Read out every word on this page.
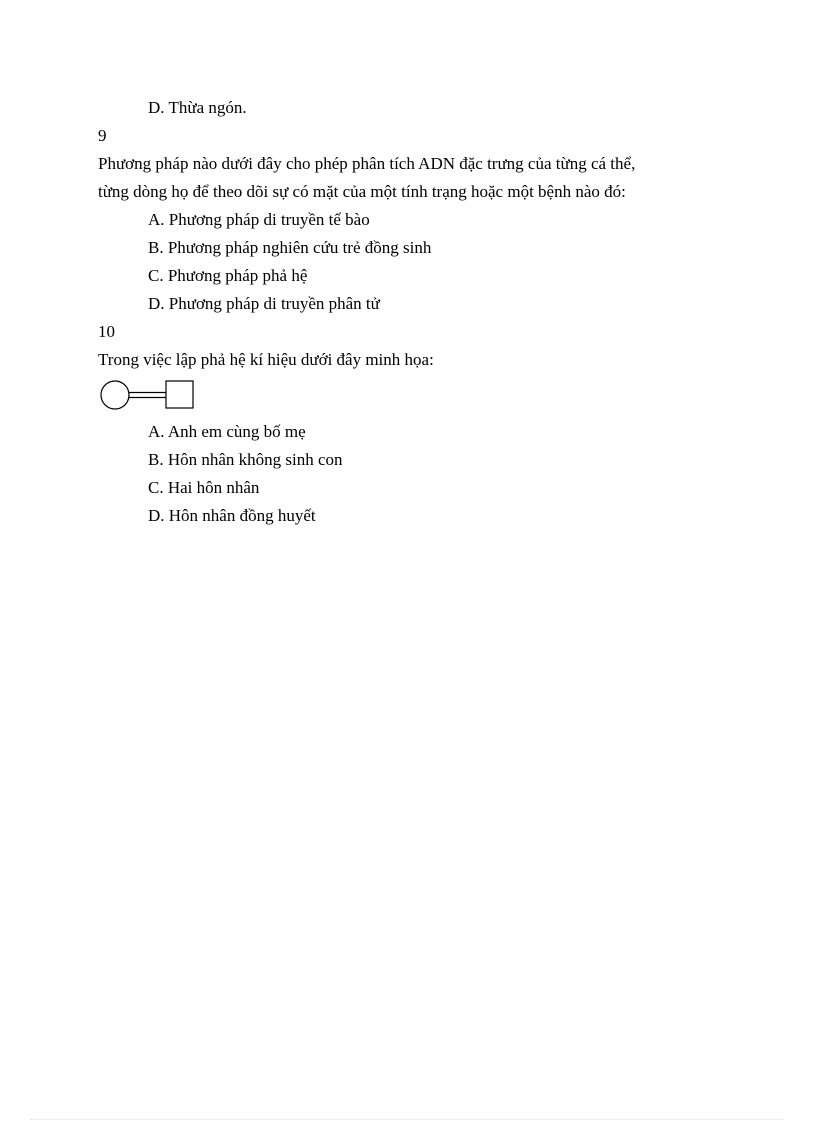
D. Thừa ngón.
9
Phương pháp nào dưới đây cho phép phân tích ADN đặc trưng của từng cá thể,
từng dòng họ để theo dõi sự có mặt của một tính trạng hoặc một bệnh nào đó:
A. Phương pháp di truyền tế bào
B. Phương pháp nghiên cứu trẻ đồng sinh
C. Phương pháp phả hệ
D. Phương pháp di truyền phân tử
10
Trong việc lập phả hệ kí hiệu dưới đây minh họa:
A. Anh em cùng bố mẹ
B. Hôn nhân không sinh con
C. Hai hôn nhân
D. Hôn nhân đồng huyết
